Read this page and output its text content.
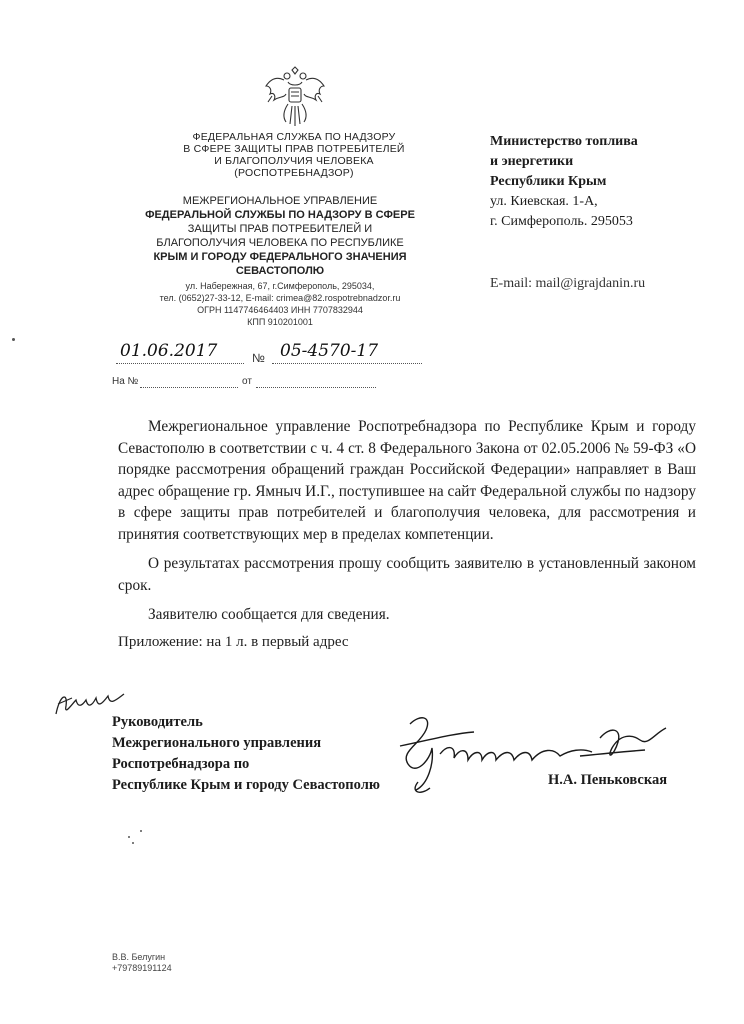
ФЕДЕРАЛЬНАЯ СЛУЖБА ПО НАДЗОРУ
В СФЕРЕ ЗАЩИТЫ ПРАВ ПОТРЕБИТЕЛЕЙ
И БЛАГОПОЛУЧИЯ ЧЕЛОВЕКА
(РОСПОТРЕБНАДЗОР)
МЕЖРЕГИОНАЛЬНОЕ УПРАВЛЕНИЕ
ФЕДЕРАЛЬНОЙ СЛУЖБЫ ПО НАДЗОРУ В СФЕРЕ
ЗАЩИТЫ ПРАВ ПОТРЕБИТЕЛЕЙ И
БЛАГОПОЛУЧИЯ ЧЕЛОВЕКА ПО РЕСПУБЛИКЕ
КРЫМ И ГОРОДУ ФЕДЕРАЛЬНОГО ЗНАЧЕНИЯ
СЕВАСТОПОЛЮ
ул. Набережная, 67, г.Симферополь, 295034,
тел. (0652)27-33-12, E-mail: crimea@82.rospotrebnadzor.ru
ОГРН 1147746464403 ИНН 7707832944
КПП 910201001
Министерство топлива
и энергетики
Республики Крым
ул. Киевская. 1-А,
г. Симферополь. 295053
E-mail: mail@igrajdanin.ru
01.06.2017	№ 05-4570-17
На №	от

Межрегиональное управление Роспотребнадзора по Республике Крым и городу Севастополю в соответствии с ч. 4 ст. 8 Федерального Закона от 02.05.2006 № 59-ФЗ «О порядке рассмотрения обращений граждан Российской Федерации» направляет в Ваш адрес обращение гр. Ямныч И.Г., поступившее на сайт Федеральной службы по надзору в сфере защиты прав потребителей и благополучия человека, для рассмотрения и принятия соответствующих мер в пределах компетенции.

О результатах рассмотрения прошу сообщить заявителю в установленный законом срок.

Заявителю сообщается для сведения.

Приложение: на 1 л. в первый адрес
Руководитель
Межрегионального управления
Роспотребнадзора по
Республике Крым и городу Севастополю	Н.А. Пеньковская
В.В. Белугин
+79789191124
